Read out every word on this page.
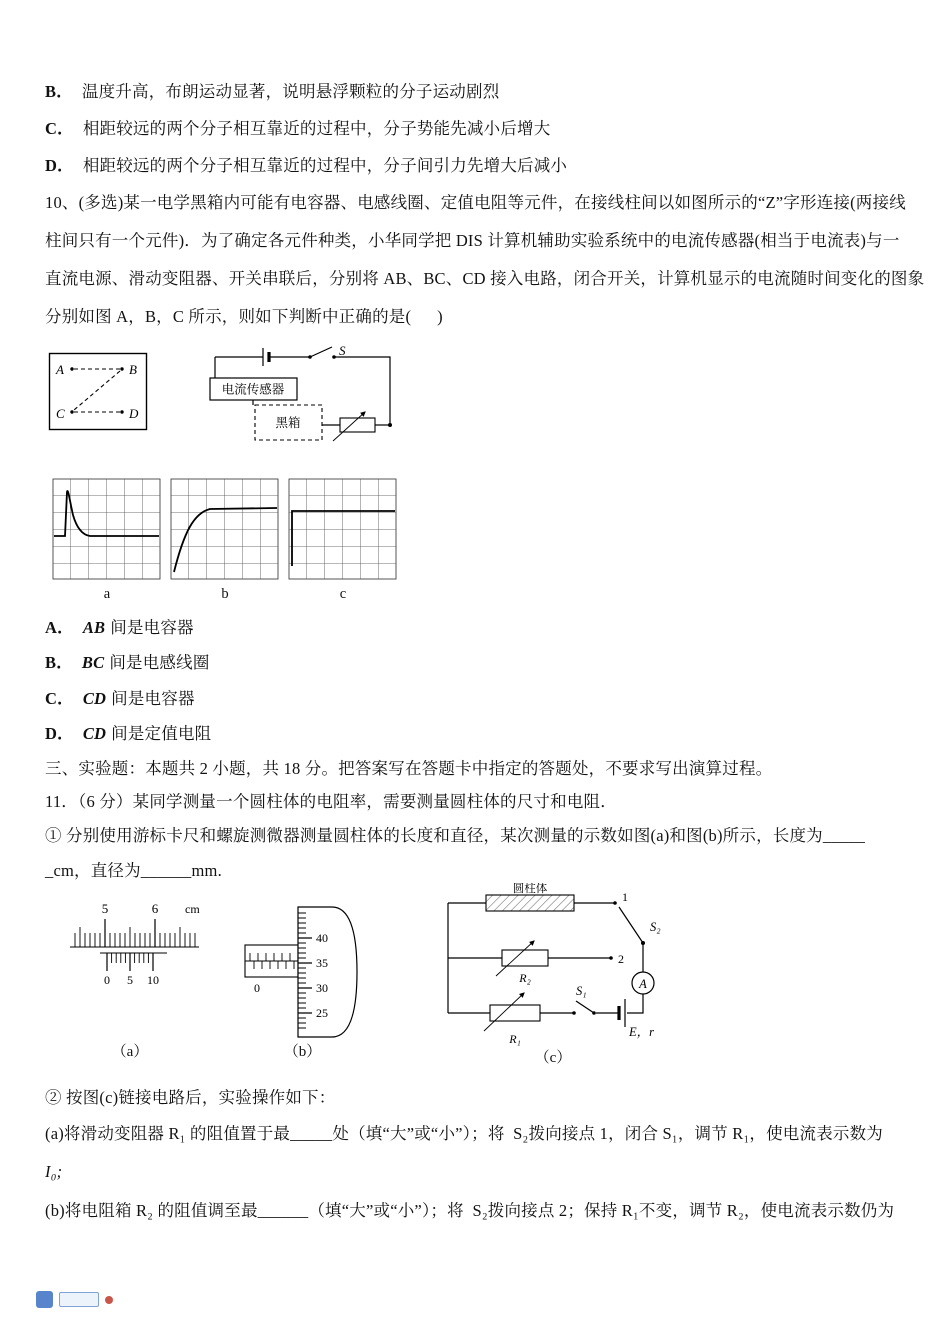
B． 温度升高，布朗运动显著，说明悬浮颗粒的分子运动剧烈
C． 相距较远的两个分子相互靠近的过程中，分子势能先减小后增大
D． 相距较远的两个分子相互靠近的过程中，分子间引力先增大后减小
10、(多选)某一电学黑箱内可能有电容器、电感线圈、定值电阻等元件，在接线柱间以如图所示的“Z”字形连接(两接线
柱间只有一个元件)．为了确定各元件种类，小华同学把 DIS 计算机辅助实验系统中的电流传感器(相当于电流表)与一
直流电源、滑动变阻器、开关串联后，分别将 AB、BC、CD 接入电路，闭合开关，计算机显示的电流随时间变化的图象
分别如图 A，B，C 所示，则如下判断中正确的是(      )
A	B
C	D
S
电流传感器
黑箱
a	b	c
A． AB 间是电容器
B． BC 间是电感线圈
C． CD 间是电容器
D． CD 间是定值电阻
三、实验题：本题共 2 小题，共 18 分。把答案写在答题卡中指定的答题处，不要求写出演算过程。
11．（6 分）某同学测量一个圆柱体的电阻率，需要测量圆柱体的尺寸和电阻．
① 分别使用游标卡尺和螺旋测微器测量圆柱体的长度和直径，某次测量的示数如图(a)和图(b)所示，长度为_____
_cm，直径为______mm.
5	6 cm
0 5 10
0
40
35
30
25
圆柱体
1
R₂
2
S₂
A
E，r
S₁
R₁
（a）	（b）	（c）
② 按图(c)链接电路后，实验操作如下：
(a)将滑动变阻器 R₁ 的阻值置于最_____处（填“大”或“小”）；将  S₂拨向接点 1，闭合 S₁，调节 R₁，使电流表示数为
I₀;
(b)将电阻箱 R₂ 的阻值调至最______（填“大”或“小”）；将  S₂拨向接点 2；保持 R₁不变，调节 R₂，使电流表示数仍为
